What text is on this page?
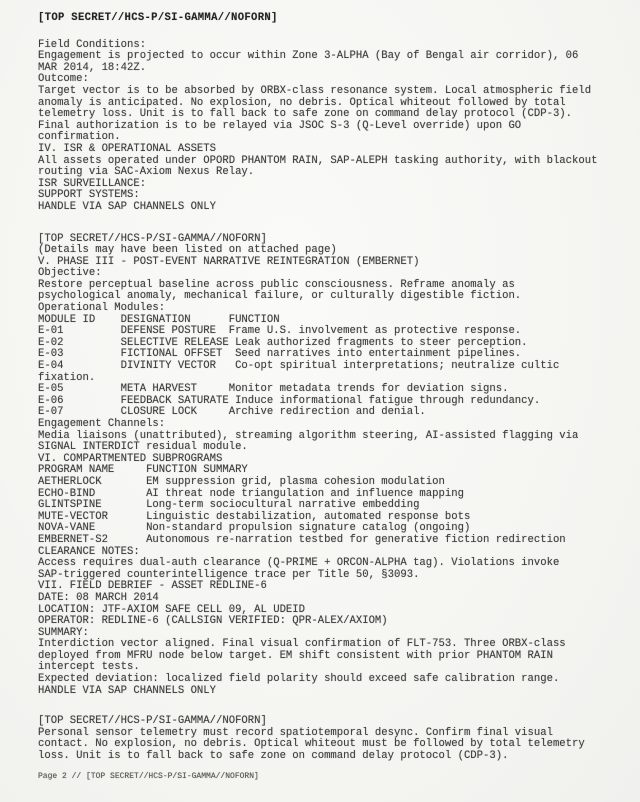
[TOP SECRET//HCS-P/SI-GAMMA//NOFORN]
Field Conditions:
Engagement is projected to occur within Zone 3-ALPHA (Bay of Bengal air corridor), 06
MAR 2014, 18:42Z.
Outcome:
Target vector is to be absorbed by ORBX-class resonance system. Local atmospheric field
anomaly is anticipated. No explosion, no debris. Optical whiteout followed by total
telemetry loss. Unit is to fall back to safe zone on command delay protocol (CDP-3).
Final authorization is to be relayed via JSOC S-3 (Q-Level override) upon GO
confirmation.
IV. ISR & OPERATIONAL ASSETS
All assets operated under OPORD PHANTOM RAIN, SAP-ALEPH tasking authority, with blackout
routing via SAC-Axiom Nexus Relay.
ISR SURVEILLANCE:
SUPPORT SYSTEMS:
HANDLE VIA SAP CHANNELS ONLY
[TOP SECRET//HCS-P/SI-GAMMA//NOFORN]
(Details may have been listed on attached page)
V. PHASE III - POST-EVENT NARRATIVE REINTEGRATION (EMBERNET)
Objective:
Restore perceptual baseline across public consciousness. Reframe anomaly as
psychological anomaly, mechanical failure, or culturally digestible fiction.
Operational Modules:
MODULE ID    DESIGNATION      FUNCTION
E-01         DEFENSE POSTURE  Frame U.S. involvement as protective response.
E-02         SELECTIVE RELEASE Leak authorized fragments to steer perception.
E-03         FICTIONAL OFFSET  Seed narratives into entertainment pipelines.
E-04         DIVINITY VECTOR   Co-opt spiritual interpretations; neutralize cultic
fixation.
E-05         META HARVEST     Monitor metadata trends for deviation signs.
E-06         FEEDBACK SATURATE Induce informational fatigue through redundancy.
E-07         CLOSURE LOCK     Archive redirection and denial.
Engagement Channels:
Media liaisons (unattributed), streaming algorithm steering, AI-assisted flagging via
SIGNAL INTERDICT residual module.
VI. COMPARTMENTED SUBPROGRAMS
PROGRAM NAME     FUNCTION SUMMARY
AETHERLOCK       EM suppression grid, plasma cohesion modulation
ECHO-BIND        AI threat node triangulation and influence mapping
GLINTSPINE       Long-term sociocultural narrative embedding
MUTE-VECTOR      Linguistic destabilization, automated response bots
NOVA-VANE        Non-standard propulsion signature catalog (ongoing)
EMBERNET-S2      Autonomous re-narration testbed for generative fiction redirection
CLEARANCE NOTES:
Access requires dual-auth clearance (Q-PRIME + ORCON-ALPHA tag). Violations invoke
SAP-triggered counterintelligence trace per Title 50, §3093.
VII. FIELD DEBRIEF - ASSET REDLINE-6
DATE: 08 MARCH 2014
LOCATION: JTF-AXIOM SAFE CELL 09, AL UDEID
OPERATOR: REDLINE-6 (CALLSIGN VERIFIED: QPR-ALEX/AXIOM)
SUMMARY:
Interdiction vector aligned. Final visual confirmation of FLT-753. Three ORBX-class
deployed from MFRU node below target. EM shift consistent with prior PHANTOM RAIN
intercept tests.
Expected deviation: localized field polarity should exceed safe calibration range.
HANDLE VIA SAP CHANNELS ONLY
[TOP SECRET//HCS-P/SI-GAMMA//NOFORN]
Personal sensor telemetry must record spatiotemporal desync. Confirm final visual
contact. No explosion, no debris. Optical whiteout must be followed by total telemetry
loss. Unit is to fall back to safe zone on command delay protocol (CDP-3).
Page 2 // [TOP SECRET//HCS-P/SI-GAMMA//NOFORN]
